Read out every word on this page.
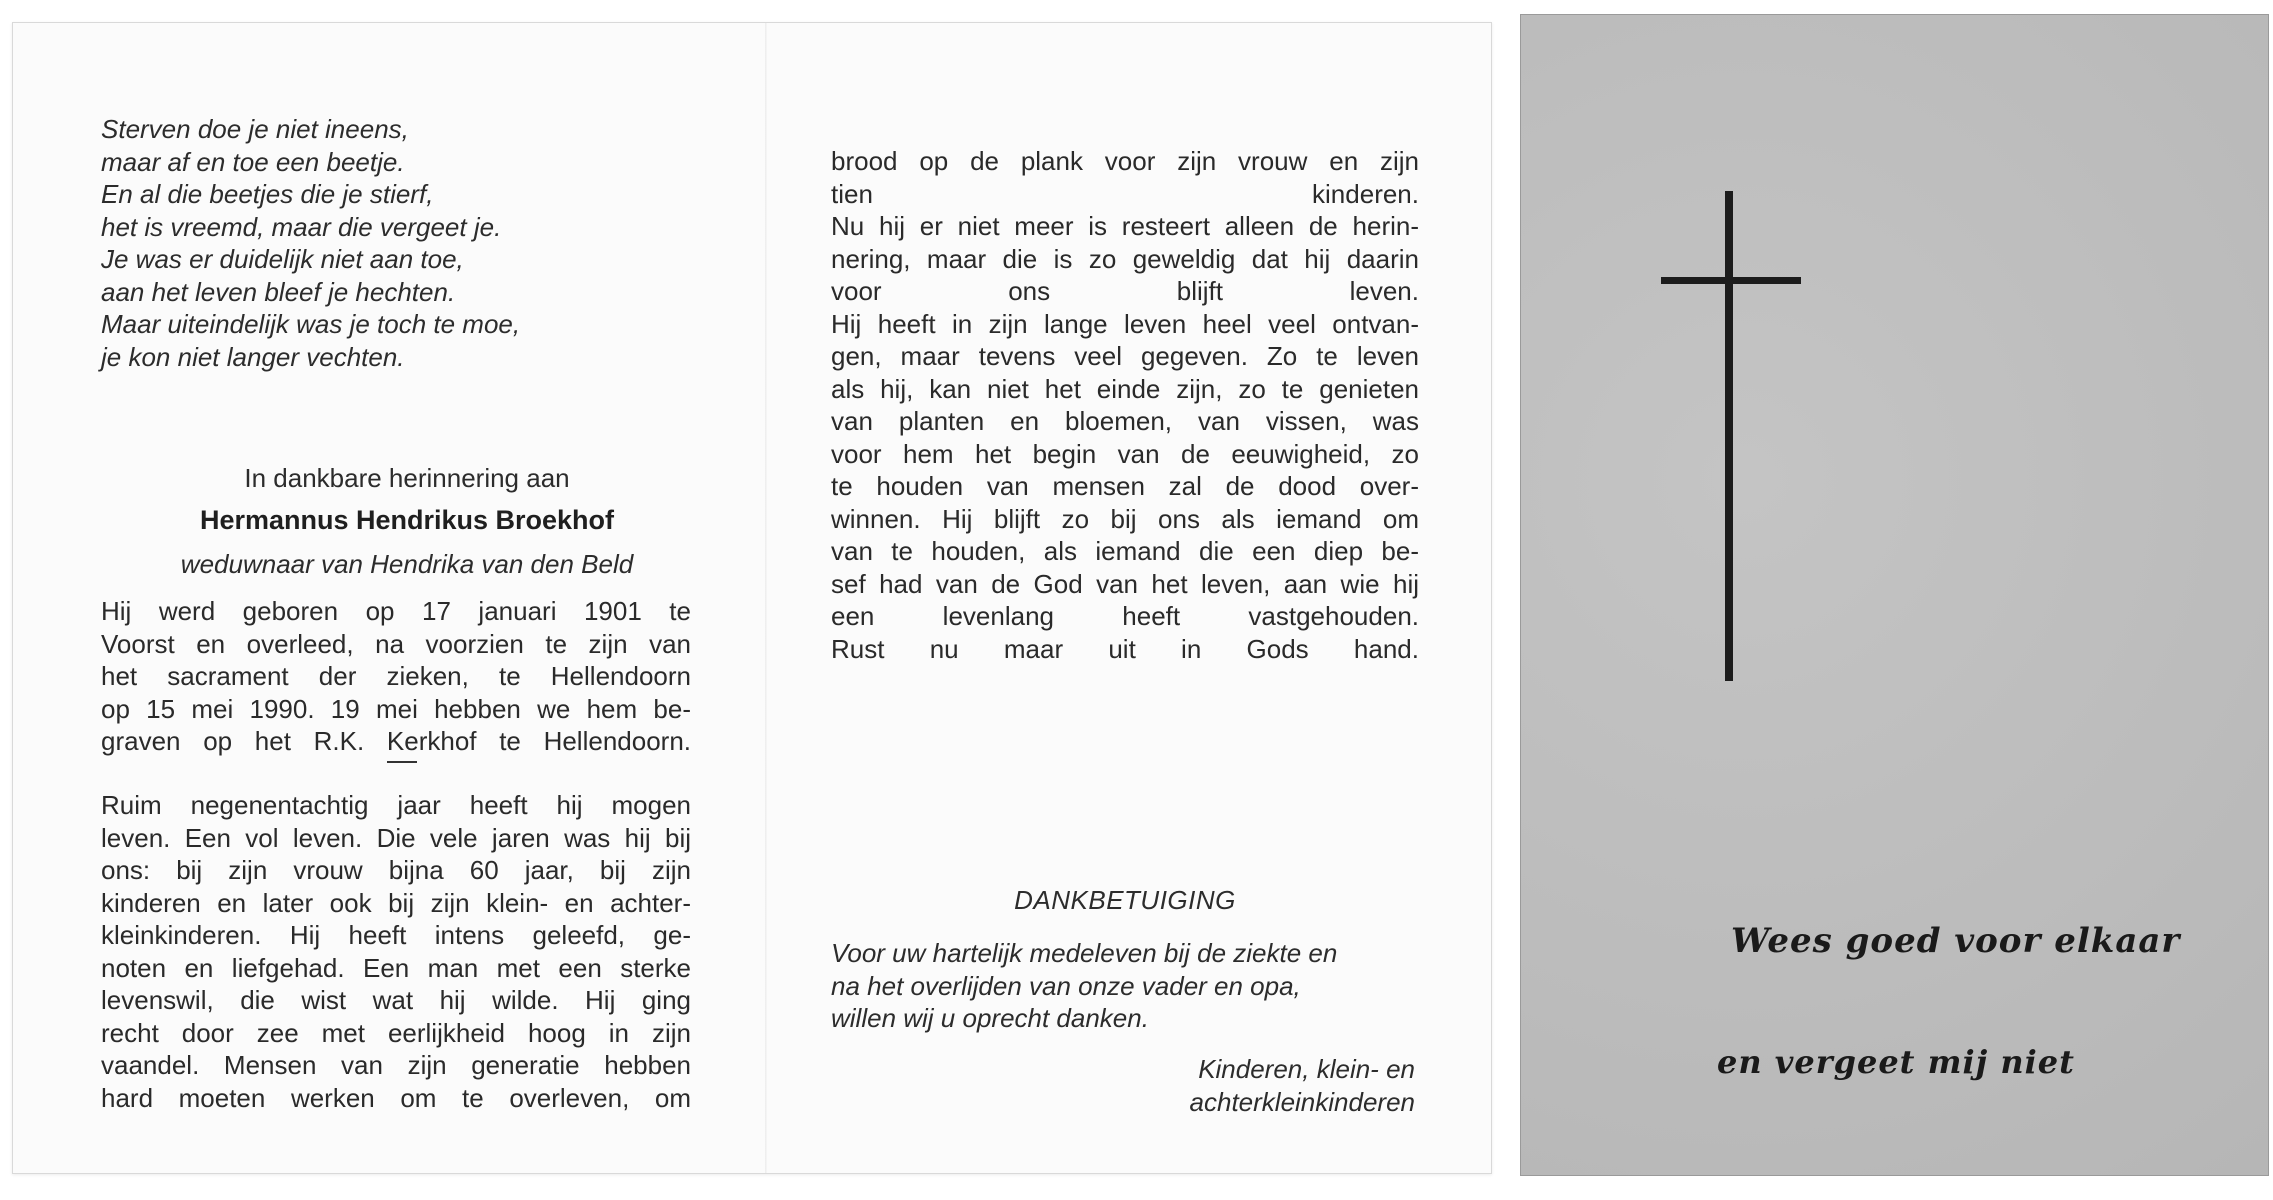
Sterven doe je niet ineens,
maar af en toe een beetje.
En al die beetjes die je stierf,
het is vreemd, maar die vergeet je.
Je was er duidelijk niet aan toe,
aan het leven bleef je hechten.
Maar uiteindelijk was je toch te moe,
je kon niet langer vechten.
In dankbare herinnering aan
Hermannus Hendrikus Broekhof
weduwnaar van Hendrika van den Beld
Hij werd geboren op 17 januari 1901 te
Voorst en overleed, na voorzien te zijn van
het sacrament der zieken, te Hellendoorn
op 15 mei 1990. 19 mei hebben we hem be-
graven op het R.K. Kerkhof te Hellendoorn.
Ruim negenentachtig jaar heeft hij mogen
leven. Een vol leven. Die vele jaren was hij bij
ons: bij zijn vrouw bijna 60 jaar, bij zijn
kinderen en later ook bij zijn klein- en achter-
kleinkinderen. Hij heeft intens geleefd, ge-
noten en liefgehad. Een man met een sterke
levenswil, die wist wat hij wilde. Hij ging
recht door zee met eerlijkheid hoog in zijn
vaandel. Mensen van zijn generatie hebben
hard moeten werken om te overleven, om
brood op de plank voor zijn vrouw en zijn
tien kinderen.
Nu hij er niet meer is resteert alleen de herin-
nering, maar die is zo geweldig dat hij daarin
voor ons blijft leven.
Hij heeft in zijn lange leven heel veel ontvan-
gen, maar tevens veel gegeven. Zo te leven
als hij, kan niet het einde zijn, zo te genieten
van planten en bloemen, van vissen, was
voor hem het begin van de eeuwigheid, zo
te houden van mensen zal de dood over-
winnen. Hij blijft zo bij ons als iemand om
van te houden, als iemand die een diep be-
sef had van de God van het leven, aan wie hij
een levenlang heeft vastgehouden.
Rust nu maar uit in Gods hand.
DANKBETUIGING
Voor uw hartelijk medeleven bij de ziekte en
na het overlijden van onze vader en opa,
willen wij u oprecht danken.
Kinderen, klein- en
achterkleinkinderen
Wees goed voor elkaar
en vergeet mij niet
